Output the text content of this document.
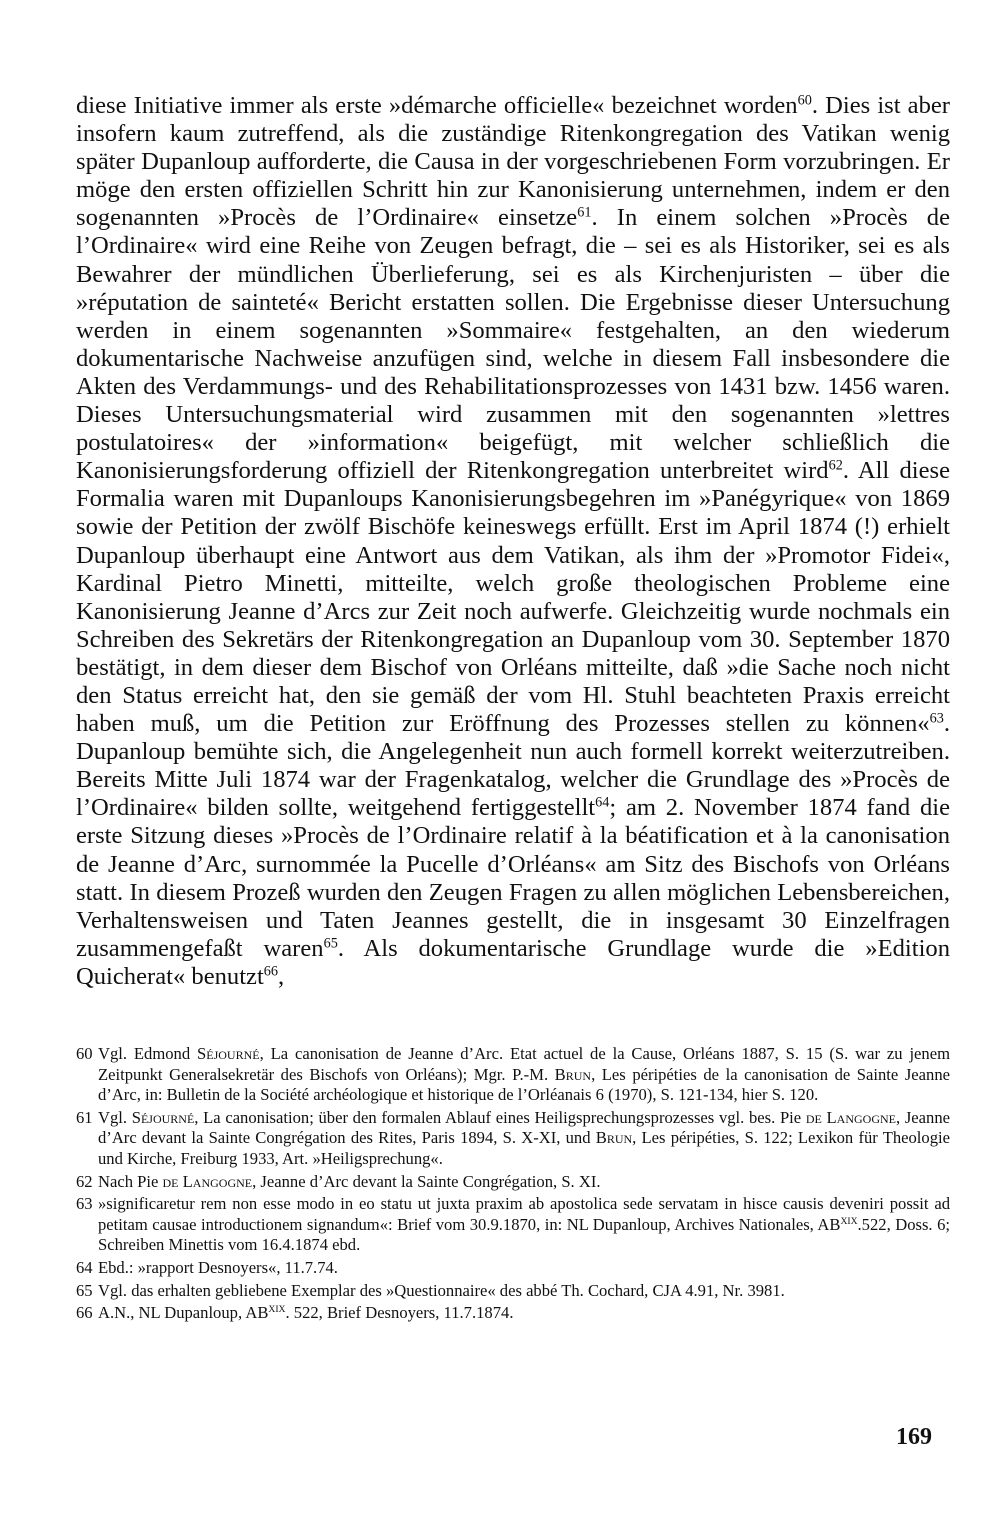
diese Initiative immer als erste »démarche officielle« bezeichnet worden$^{60}$. Dies ist aber insofern kaum zutreffend, als die zuständige Ritenkongregation des Vatikan wenig später Dupanloup aufforderte, die Causa in der vorgeschriebenen Form vorzubringen. Er möge den ersten offiziellen Schritt hin zur Kanonisierung unternehmen, indem er den sogenannten »Procès de l’Ordinaire« einsetze$^{61}$. In einem solchen »Procès de l’Ordinaire« wird eine Reihe von Zeugen befragt, die – sei es als Historiker, sei es als Bewahrer der mündlichen Überlieferung, sei es als Kirchenjuristen – über die »réputation de sainteté« Bericht erstatten sollen. Die Ergebnisse dieser Untersuchung werden in einem sogenannten »Sommaire« festgehalten, an den wiederum dokumentarische Nachweise anzufügen sind, welche in diesem Fall insbesondere die Akten des Verdammungs- und des Rehabilitationsprozesses von 1431 bzw. 1456 waren. Dieses Untersuchungsmaterial wird zusammen mit den sogenannten »lettres postulatoires« der »information« beigefügt, mit welcher schließlich die Kanonisierungsforderung offiziell der Ritenkongregation unterbreitet wird$^{62}$. All diese Formalia waren mit Dupanloups Kanonisierungsbegehren im »Panégyrique« von 1869 sowie der Petition der zwölf Bischöfe keineswegs erfüllt. Erst im April 1874 (!) erhielt Dupanloup überhaupt eine Antwort aus dem Vatikan, als ihm der »Promotor Fidei«, Kardinal Pietro Minetti, mitteilte, welch große theologischen Probleme eine Kanonisierung Jeanne d’Arcs zur Zeit noch aufwerfe. Gleichzeitig wurde nochmals ein Schreiben des Sekretärs der Ritenkongregation an Dupanloup vom 30. September 1870 bestätigt, in dem dieser dem Bischof von Orléans mitteilte, daß »die Sache noch nicht den Status erreicht hat, den sie gemäß der vom Hl. Stuhl beachteten Praxis erreicht haben muß, um die Petition zur Eröffnung des Prozesses stellen zu können«$^{63}$. Dupanloup bemühte sich, die Angelegenheit nun auch formell korrekt weiterzutreiben. Bereits Mitte Juli 1874 war der Fragenkatalog, welcher die Grundlage des »Procès de l’Ordinaire« bilden sollte, weitgehend fertiggestellt$^{64}$; am 2. November 1874 fand die erste Sitzung dieses »Procès de l’Ordinaire relatif à la béatification et à la canonisation de Jeanne d’Arc, surnommée la Pucelle d’Orléans« am Sitz des Bischofs von Orléans statt. In diesem Prozeß wurden den Zeugen Fragen zu allen möglichen Lebensbereichen, Verhaltensweisen und Taten Jeannes gestellt, die in insgesamt 30 Einzelfragen zusammengefaßt waren$^{65}$. Als dokumentarische Grundlage wurde die »Edition Quicherat« benutzt$^{66}$,
60 Vgl. Edmond Séjourné, La canonisation de Jeanne d’Arc. Etat actuel de la Cause, Orléans 1887, S. 15 (S. war zu jenem Zeitpunkt Generalsekretär des Bischofs von Orléans); Mgr. P.-M. Brun, Les péripéties de la canonisation de Sainte Jeanne d’Arc, in: Bulletin de la Société archéologique et historique de l’Orléanais 6 (1970), S. 121-134, hier S. 120.
61 Vgl. Séjourné, La canonisation; über den formalen Ablauf eines Heiligsprechungsprozesses vgl. bes. Pie de Langogne, Jeanne d’Arc devant la Sainte Congrégation des Rites, Paris 1894, S. X-XI, und Brun, Les péripéties, S. 122; Lexikon für Theologie und Kirche, Freiburg 1933, Art. »Heiligsprechung«.
62 Nach Pie de Langogne, Jeanne d’Arc devant la Sainte Congrégation, S. XI.
63 »significaretur rem non esse modo in eo statu ut juxta praxim ab apostolica sede servatam in hisce causis deveniri possit ad petitam causae introductionem signandum«: Brief vom 30.9.1870, in: NL Dupanloup, Archives Nationales, $AB^{XIX}.522$, Doss. 6; Schreiben Minettis vom 16.4.1874 ebd.
64 Ebd.: »rapport Desnoyers«, 11.7.74.
65 Vgl. das erhalten gebliebene Exemplar des »Questionnaire« des abbé Th. Cochard, CJA 4.91, Nr. 3981.
66 A.N., NL Dupanloup, $AB^{XIX}$. 522, Brief Desnoyers, 11.7.1874.
169
